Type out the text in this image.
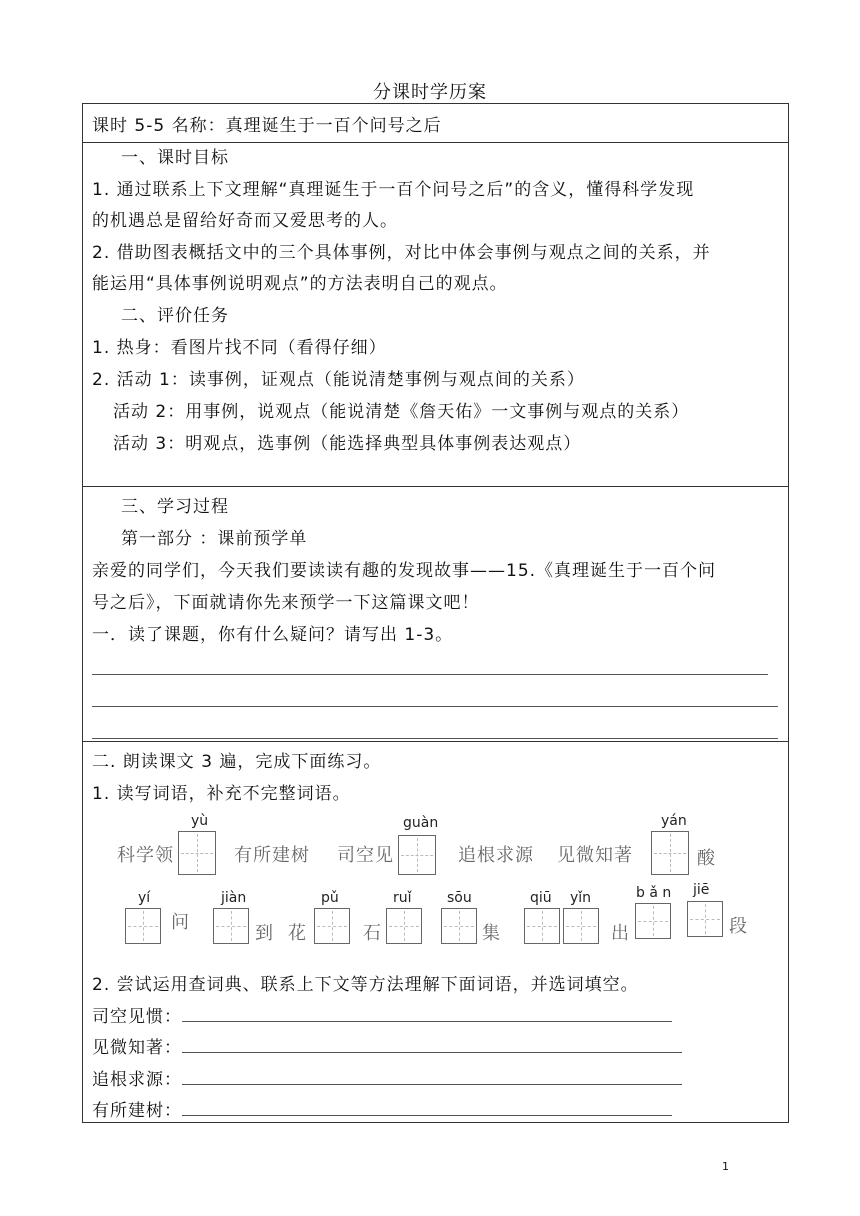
分课时学历案
课时 5-5 名称：真理诞生于一百个问号之后
一、课时目标
1. 通过联系上下文理解“真理诞生于一百个问号之后”的含义，懂得科学发现
的机遇总是留给好奇而又爱思考的人。
2. 借助图表概括文中的三个具体事例，对比中体会事例与观点之间的关系，并
能运用“具体事例说明观点”的方法表明自己的观点。
二、评价任务
1. 热身：看图片找不同（看得仔细）
2. 活动 1：读事例，证观点（能说清楚事例与观点间的关系）
活动 2：用事例，说观点（能说清楚《詹天佑》一文事例与观点的关系）
活动 3：明观点，选事例（能选择典型具体事例表达观点）
三、学习过程
第一部分 ：课前预学单
亲爱的同学们，今天我们要读读有趣的发现故事——15.《真理诞生于一百个问
号之后》，下面就请你先来预学一下这篇课文吧！
一．读了课题，你有什么疑问？请写出 1-3。
二. 朗读课文 3 遍，完成下面练习。
1. 读写词语，补充不完整词语。
yù
科学领	有所建树 司空见
guàn
追根求源 见微知著
yán
酸
yí
问
jiàn
到 花
pǔ
石
ruǐ	sōu
集
qiū yǐn
出
b ǎ n jiē
段
2. 尝试运用查词典、联系上下文等方法理解下面词语，并选词填空。
司空见惯：
见微知著：
追根求源：
有所建树：
1
